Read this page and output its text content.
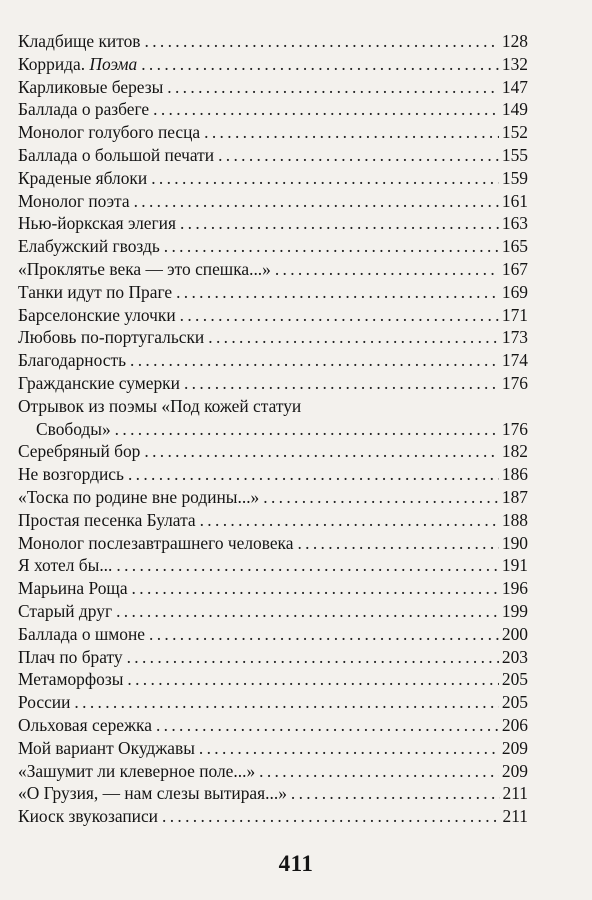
Кладбище китов . . .	128
Коррида. Поэма . . .	132
Карликовые березы . . .	147
Баллада о разбеге . . .	149
Монолог голубого песца . . .	152
Баллада о большой печати . . .	155
Краденые яблоки . . .	159
Монолог поэта . . .	161
Нью-йоркская элегия . . .	163
Елабужский гвоздь . . .	165
«Проклятье века — это спешка...» . . .	167
Танки идут по Праге . . .	169
Барселонские улочки . . .	171
Любовь по-португальски . . .	173
Благодарность . . .	174
Гражданские сумерки . . .	176
Отрывок из поэмы «Под кожей статуи
Свободы» . . .	176
Серебряный бор . . .	182
Не возгордись . . .	186
«Тоска по родине вне родины...» . . .	187
Простая песенка Булата . . .	188
Монолог послезавтрашнего человека . . .	190
Я хотел бы... . . .	191
Марьина Роща . . .	196
Старый друг . . .	199
Баллада о шмоне . . .	200
Плач по брату . . .	203
Метаморфозы . . .	205
России . . .	205
Ольховая сережка . . .	206
Мой вариант Окуджавы . . .	209
«Зашумит ли клеверное поле...» . . .	209
«О Грузия, — нам слезы вытирая...» . . .	211
Киоск звукозаписи . . .	211
411
